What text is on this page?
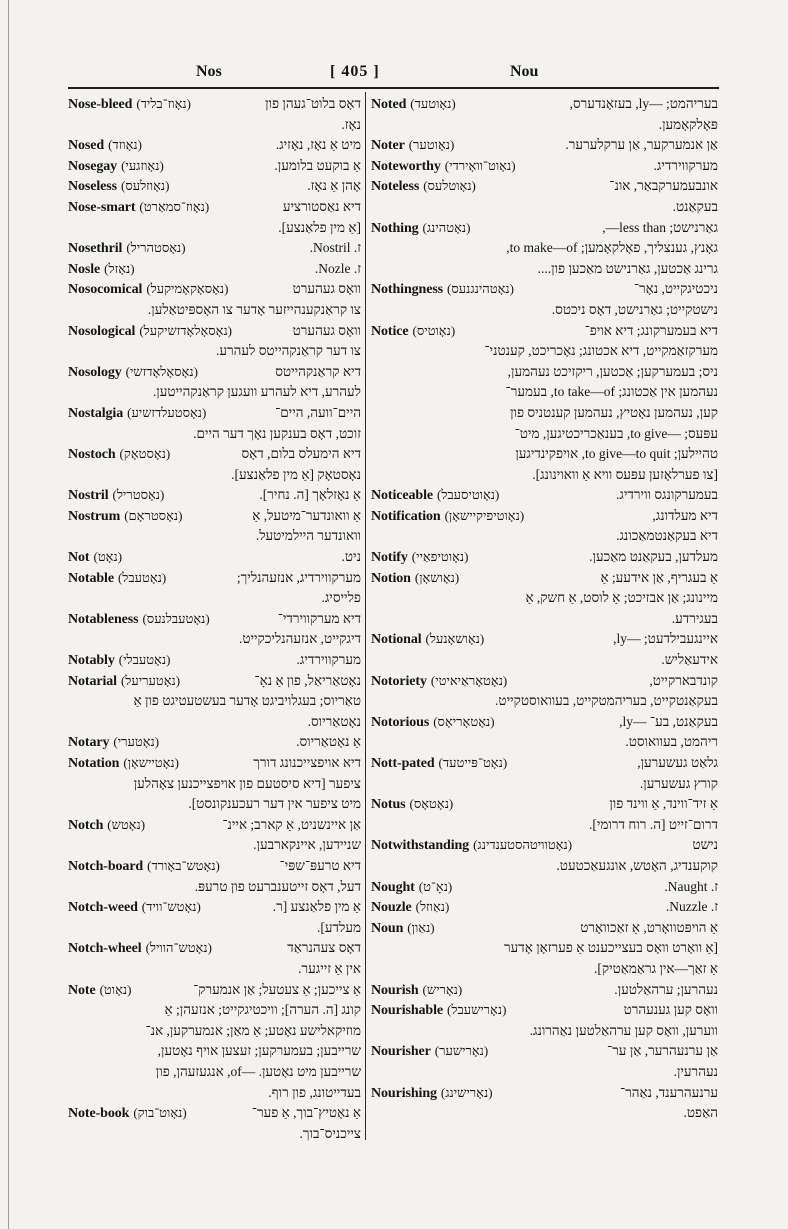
Nos	[ 405 ]	Nou
Nose-bleed (נאָוז־בליד)	דאָס בלוט־געהן פון
נאָז.
Nosed (נאָוזד)	מיט אַ נאָז, נאָזיג.
Nosegay (נאָוזגעי)	אַ בוקעט בלומען.
Noseless (נאָוזלעס)	אָהן אַ נאָז.
Nose-smart (נאָוז־סמאַרט)	דיא נאַסטורציע
[אַ מין פלאַנצע].
Nosethril (נאָסטהריל)	ז. Nostril.
Nosle (נאָזל)	ז. Nozle.
Nosocomical (נאָסאָקאָמיקעל)	וואָס געהערט
צו קראַנקענהייזער אָדער צו האָספּיטאַלען.
Nosological (נאָסאָלאָדזשיקעל)	וואָס געהערט
צו דער קראַנקהייטס לעהרע.
Nosology (נאָסאָלאָדזשי)	דיא קראַנקהייטס
לעהרע, דיא לעהרע וועגען קראַנקהייטען.
Nostalgia (נאָסטעלדזשיע)	היים־וועה, היים־
זוכט, דאָס בענקען נאָך דער היים.
Nostoch (נאָסטאָק)	דיא הימעלס בלום, דאָס
נאָסטאָק [אַ מין פלאַנצע].
Nostril (נאָסטריל)	אַ נאָזלאָך [ה. נחיר].
Nostrum (נאָסטראָם)	אַ וואונדער־מיטעל, אַ
וואונדער היילמיטעל.
Not (נאָט)	ניט.
Notable (נאָטעבל)	מערקווירדיג, אנזעהנליך;
פלייסיג.
Notableness (נאָטעבלנעס)	דיא מערקווירדי־
דיגקייט, אנזעהנליכקייט.
Notably (נאָטעבלי)	מערקווירדיג.
Notarial (נאָטעריעל)	נאָטאַריאַל, פון אַ נאָ־
טאַריוס; בעגלויביגט אָדער בעשטעטיגט פון אַ
נאָטאַריוס.
Notary (נאָטערי)	אַ נאָטאַריוס.
Notation (נאָטיישאָן)	דיא אויפצייכנונג דורך
ציפער [דיא סיסטעם פון אויפצייכנען צאָהלען
מיט ציפער אין דער רעכענקונסט].
Notch (נאָטש)	אַן איינשניט, אַ קארב; איינ־
שניידען, איינקארבען.
Notch-board (נאָטש־באָורד)	דיא טרעפּ־שפּי־
דעל, דאָס זייטענברעט פון טרעפּ.
Notch-weed (נאָטש־וויד)	אַ מין פלאַנצע [ר.
מעלדע].
Notch-wheel (נאָטש־הוויל)	דאָס צעהנראַד
אין אַ זייגער.
Note (נאָוט)	אַ צייכען; אַ צעטעל; אַן אנמערק־
קונג [ה. הערה]; וויכטיגקייט; אנזעהן; אַ
מוזיקאלישע נאָטע; אַ מאַן; אנמערקען, אנ־
שרייבען; בעמערקען; זעצען אויף נאָטען,
שרייבען מיט נאָטען. —of, אנגעזעהן, פון
בעדייטונג, פון רוף.
Note-book (נאָוט־בוק)	אַ נאָטיץ־בוך, אַ פער־
צייכניס־בוך.
Noted (נאָוטעד)	בעריהמט; —ly, בעזאָנדערס,
פּאָלקאָמען.
Noter (נאָוטער)	אַן אנמערקער, אַן ערקלערער.
Noteworthy (נאָוט־וואָירדי)	מערקווירדיג.
Noteless (נאָוטלעס)	אונבעמערקבאַר, אונ־
בעקאַנט.
Nothing (נאָטהינג)	גאַרנישט; less than—,
גאָנץ, גענצליך, פאָלקאָמען; to make—of,
גרינג אַכטען, גאַרנישט מאַכען פון....
Nothingness (נאָטהינגנעס)	ניכטיגקייט, נאָר־
נישטקייט; גאַרנישט, דאָס ניכטס.
Notice (נאָוטיס)	דיא בעמערקונג; דיא אויפ־
מערקזאַמקייט, דיא אכטונג; נאָכריכט, קענטני־
ניס; בעמערקען; אַכטען, ריקזיכט נעהמען,
נעהמען אין אַכטונג; to take—of, בעמער־
קען, נעהמען נאָטיץ, נעהמען קענטניס פון
עפּעס; —to give, בענאַכריכטיגען, מיט־
טהיילען; to give—to quit, אויפקינדיגען
[צו פערלאָזען עפּעס וויא אַ וואוינונג].
Noticeable (נאָוטיסעבל)	בעמערקונגס ווירדיג.
Notification (נאָוטיפיקיישאָן)	דיא מעלדונג,
דיא בעקאַנטמאַכונג.
Notify (נאָוטיפאַיי)	מעלדען, בעקאַנט מאַכען.
Notion (נאָושאָן)	אַ בעגריף, אַן אידעע; אַ
מיינונג; אַן אבזיכט; אַ לוסט, אַ חשק, אַ
בעגירדע.
Notional (נאָושאָנעל)	איינגעבילדעט; —ly,
אידעאַליש.
Notoriety (נאָטאָראַיאיטי)	קונדבארקייט,
בעקאַנטקייט, בעריהמטקייט, בעוואוסטקייט.
Notorious (נאָטאָריאָס)	בעקאַנט, בע־ —ly,
ריהמט, בעוואוסט.
Nott-pated (נאָט־פּייטעד)	גלאַט געשערען,
קורץ געשערען.
Notus (נאָטאָס)	אַ זיד־ווינד, אַ ווינד פון
דרום־זייט [ה. רוח דרומי].
Notwithstanding (נאָטוויטהסטענדינג)	נישט
קוקענדיג, האָטש, אונגעאַכטעט.
Nought (נאָ־ט)	ז. Naught.
Nouzle (נאַוזל)	ז. Nuzzle.
Noun (נאַון)	אַ הויפּטוואָרט, אַ זאַכוואָרט
[אַ וואָרט וואָס בעצייכענט אַ פערזאָן אָדער
אַ זאַך—אין גראַמאַטיק].
Nourish (נאָריש)	נעהרען; ערהאַלטען.
Nourishable (נאָרישעבל)	וואָס קען גענעהרט
ווערען, וואָס קען ערהאַלטען נאַהרונג.
Nourisher (נאָרישער)	אַן ערנעהרער, אַן ער־
נעהרעין.
Nourishing (נאָרישינג)	ערנעהרענד, נאַהר־
האַפט.
